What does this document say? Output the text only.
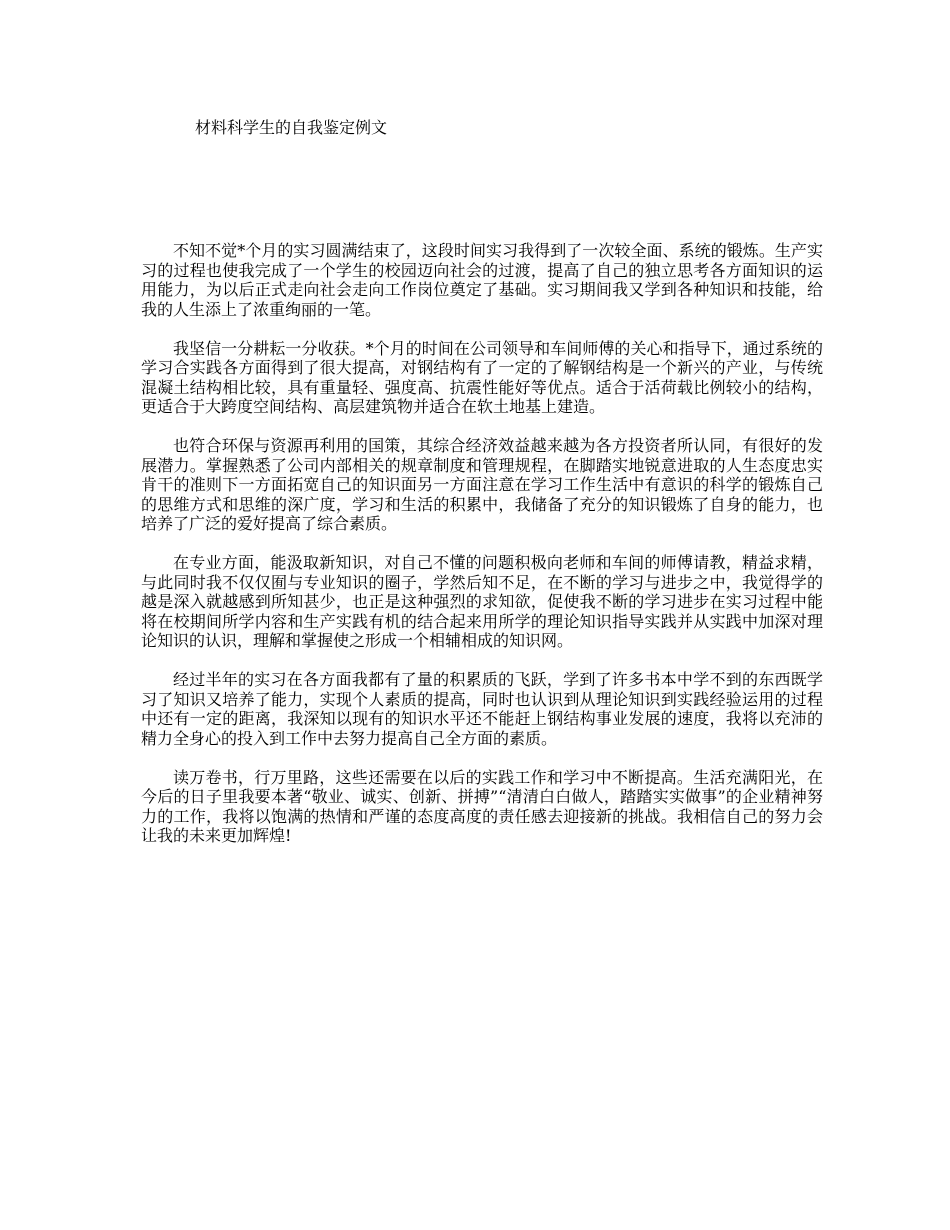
材料科学生的自我鉴定例文

不知不觉*个月的实习圆满结束了，这段时间实习我得到了一次较全面、系统的锻炼。生产实习的过程也使我完成了一个学生的校园迈向社会的过渡，提高了自己的独立思考各方面知识的运用能力，为以后正式走向社会走向工作岗位奠定了基础。实习期间我又学到各种知识和技能，给我的人生添上了浓重绚丽的一笔。

我坚信一分耕耘一分收获。*个月的时间在公司领导和车间师傅的关心和指导下，通过系统的学习合实践各方面得到了很大提高，对钢结构有了一定的了解钢结构是一个新兴的产业，与传统混凝土结构相比较，具有重量轻、强度高、抗震性能好等优点。适合于活荷载比例较小的结构，更适合于大跨度空间结构、高层建筑物并适合在软土地基上建造。

也符合环保与资源再利用的国策，其综合经济效益越来越为各方投资者所认同，有很好的发展潜力。掌握熟悉了公司内部相关的规章制度和管理规程，在脚踏实地锐意进取的人生态度忠实肯干的准则下一方面拓宽自己的知识面另一方面注意在学习工作生活中有意识的科学的锻炼自己的思维方式和思维的深广度，学习和生活的积累中，我储备了充分的知识锻炼了自身的能力，也培养了广泛的爱好提高了综合素质。

在专业方面，能汲取新知识，对自己不懂的问题积极向老师和车间的师傅请教，精益求精，与此同时我不仅仅囿与专业知识的圈子，学然后知不足，在不断的学习与进步之中，我觉得学的越是深入就越感到所知甚少，也正是这种强烈的求知欲，促使我不断的学习进步在实习过程中能将在校期间所学内容和生产实践有机的结合起来用所学的理论知识指导实践并从实践中加深对理论知识的认识，理解和掌握使之形成一个相辅相成的知识网。

经过半年的实习在各方面我都有了量的积累质的飞跃，学到了许多书本中学不到的东西既学习了知识又培养了能力，实现个人素质的提高，同时也认识到从理论知识到实践经验运用的过程中还有一定的距离，我深知以现有的知识水平还不能赶上钢结构事业发展的速度，我将以充沛的精力全身心的投入到工作中去努力提高自己全方面的素质。

读万卷书，行万里路，这些还需要在以后的实践工作和学习中不断提高。生活充满阳光，在今后的日子里我要本著“敬业、诚实、创新、拼搏”“清清白白做人，踏踏实实做事”的企业精神努力的工作，我将以饱满的热情和严谨的态度高度的责任感去迎接新的挑战。我相信自己的努力会让我的未来更加辉煌!
